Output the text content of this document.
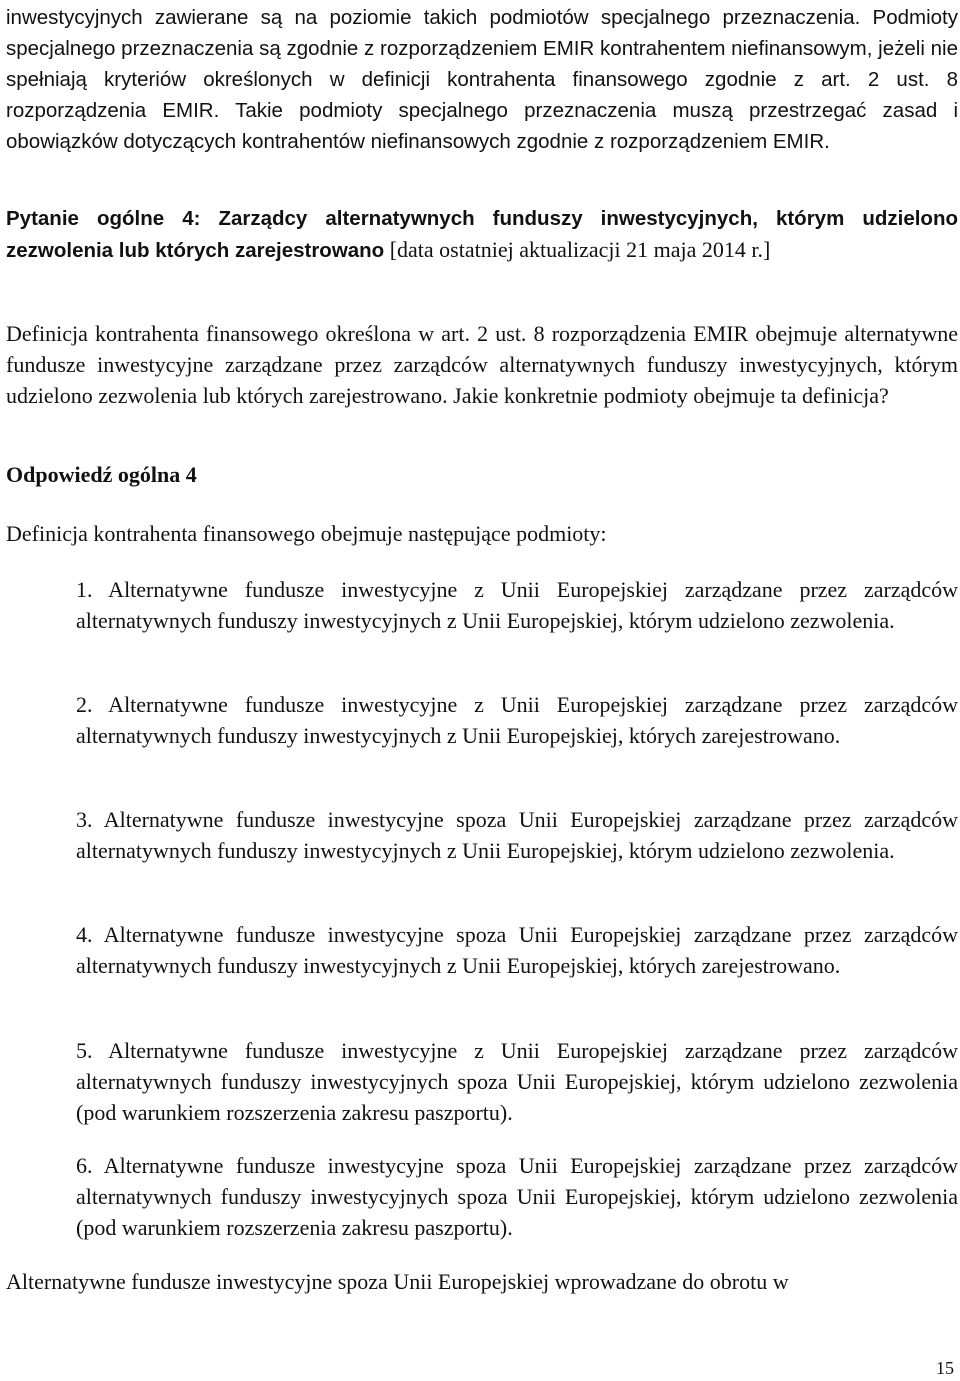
inwestycyjnych zawierane są na poziomie takich podmiotów specjalnego przeznaczenia. Podmioty specjalnego przeznaczenia są zgodnie z rozporządzeniem EMIR kontrahentem niefinansowym, jeżeli nie spełniają kryteriów określonych w definicji kontrahenta finansowego zgodnie z art. 2 ust. 8 rozporządzenia EMIR. Takie podmioty specjalnego przeznaczenia muszą przestrzegać zasad i obowiązków dotyczących kontrahentów niefinansowych zgodnie z rozporządzeniem EMIR.

Pytanie ogólne 4: Zarządcy alternatywnych funduszy inwestycyjnych, którym udzielono zezwolenia lub których zarejestrowano [data ostatniej aktualizacji 21 maja 2014 r.]

Definicja kontrahenta finansowego określona w art. 2 ust. 8 rozporządzenia EMIR obejmuje alternatywne fundusze inwestycyjne zarządzane przez zarządców alternatywnych funduszy inwestycyjnych, którym udzielono zezwolenia lub których zarejestrowano. Jakie konkretnie podmioty obejmuje ta definicja?

Odpowiedź ogólna 4

Definicja kontrahenta finansowego obejmuje następujące podmioty:

1. Alternatywne fundusze inwestycyjne z Unii Europejskiej zarządzane przez zarządców alternatywnych funduszy inwestycyjnych z Unii Europejskiej, którym udzielono zezwolenia.

2. Alternatywne fundusze inwestycyjne z Unii Europejskiej zarządzane przez zarządców alternatywnych funduszy inwestycyjnych z Unii Europejskiej, których zarejestrowano.

3. Alternatywne fundusze inwestycyjne spoza Unii Europejskiej zarządzane przez zarządców alternatywnych funduszy inwestycyjnych z Unii Europejskiej, którym udzielono zezwolenia.

4. Alternatywne fundusze inwestycyjne spoza Unii Europejskiej zarządzane przez zarządców alternatywnych funduszy inwestycyjnych z Unii Europejskiej, których zarejestrowano.

5. Alternatywne fundusze inwestycyjne z Unii Europejskiej zarządzane przez zarządców alternatywnych funduszy inwestycyjnych spoza Unii Europejskiej, którym udzielono zezwolenia (pod warunkiem rozszerzenia zakresu paszportu).

6. Alternatywne fundusze inwestycyjne spoza Unii Europejskiej zarządzane przez zarządców alternatywnych funduszy inwestycyjnych spoza Unii Europejskiej, którym udzielono zezwolenia (pod warunkiem rozszerzenia zakresu paszportu).

Alternatywne fundusze inwestycyjne spoza Unii Europejskiej wprowadzane do obrotu w

15
